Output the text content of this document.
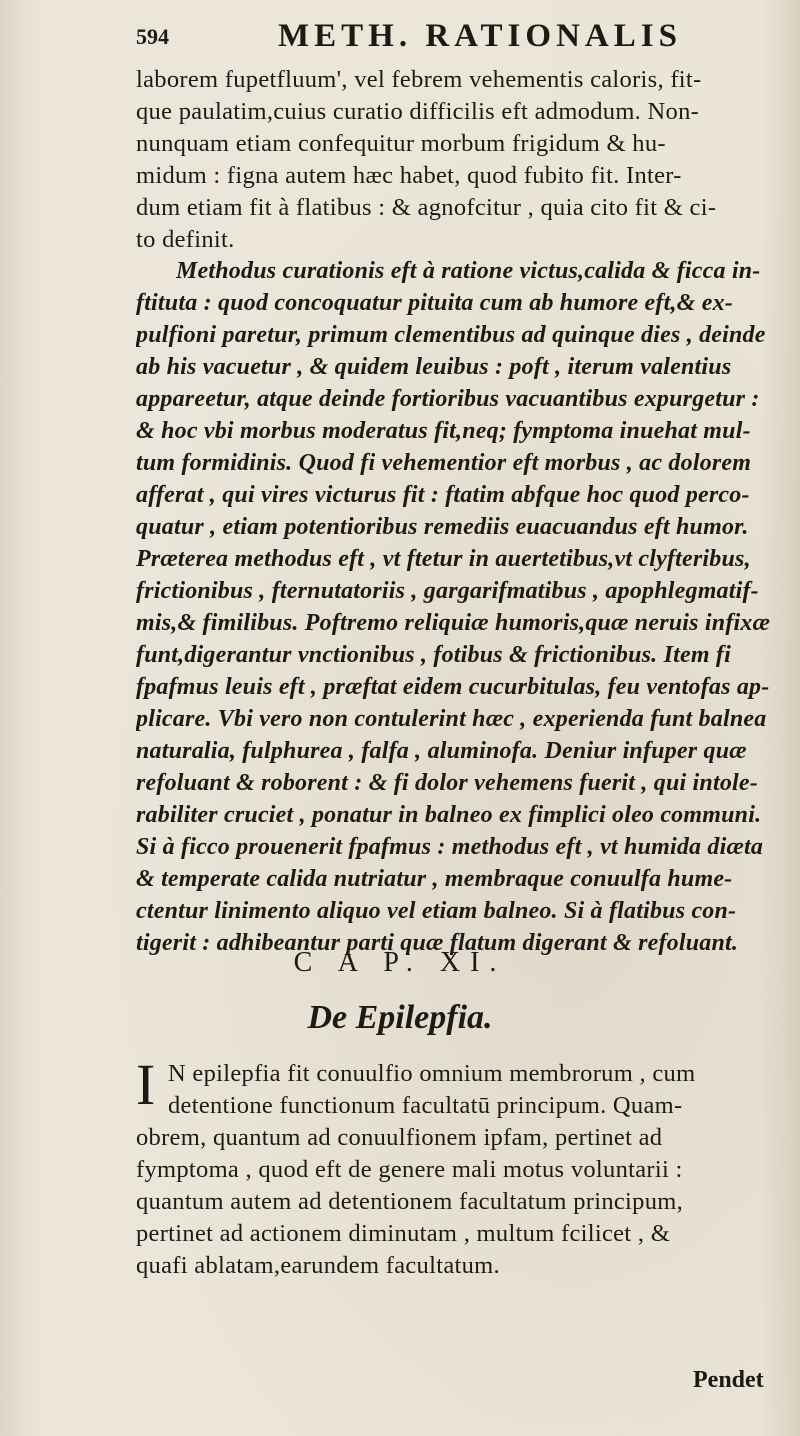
594	METH. RATIONALIS
laborem fupetfluum', vel febrem vehementis caloris, fit-
que paulatim,cuius curatio difficilis eft admodum. Non-
nunquam etiam confequitur morbum frigidum & hu-
midum : figna autem hæc habet, quod fubito fit. Inter-
dum etiam fit à flatibus : & agnofcitur , quia cito fit & ci-
to definit.
Methodus curationis eft à ratione victus,calida & ficca in-
ftituta : quod concoquatur pituita cum ab humore eft,& ex-
pulfioni paretur, primum clementibus ad quinque dies , deinde
ab his vacuetur , & quidem leuibus : poft , iterum valentius
appareetur, atque deinde fortioribus vacuantibus expurgetur :
& hoc vbi morbus moderatus fit,neq; fymptoma inuehat mul-
tum formidinis. Quod fi vehementior eft morbus , ac dolorem
afferat , qui vires victurus fit : ftatim abfque hoc quod perco-
quatur , etiam potentioribus remediis euacuandus eft humor.
Præterea methodus eft , vt ftetur in auertetibus,vt clyfteribus,
frictionibus , fternutatoriis , gargarifmatibus , apophlegmatif-
mis,& fimilibus. Poftremo reliquiæ humoris,quæ neruis infixæ
funt,digerantur vnctionibus , fotibus & frictionibus. Item fi
fpafmus leuis eft , præftat eidem cucurbitulas, feu ventofas ap-
plicare. Vbi vero non contulerint hæc , experienda funt balnea
naturalia, fulphurea , falfa , aluminofa. Deniur infuper quæ
refoluant & roborent : & fi dolor vehemens fuerit , qui intole-
rabiliter cruciet , ponatur in balneo ex fimplici oleo communi.
Si à ficco prouenerit fpafmus : methodus eft , vt humida diæta
& temperate calida nutriatur , membraque conuulfa hume-
ctentur linimento aliquo vel etiam balneo. Si à flatibus con-
tigerit : adhibeantur parti quæ flatum digerant & refoluant.
C A P. XI.
De Epilepfia.
I N epilepfia fit conuulfio omnium membrorum , cum
detentione functionum facultatū principum. Quam-
obrem, quantum ad conuulfionem ipfam, pertinet ad
fymptoma , quod eft de genere mali motus voluntarii :
quantum autem ad detentionem facultatum principum,
pertinet ad actionem diminutam , multum fcilicet , &
quafi ablatam,earundem facultatum.
Pendet
